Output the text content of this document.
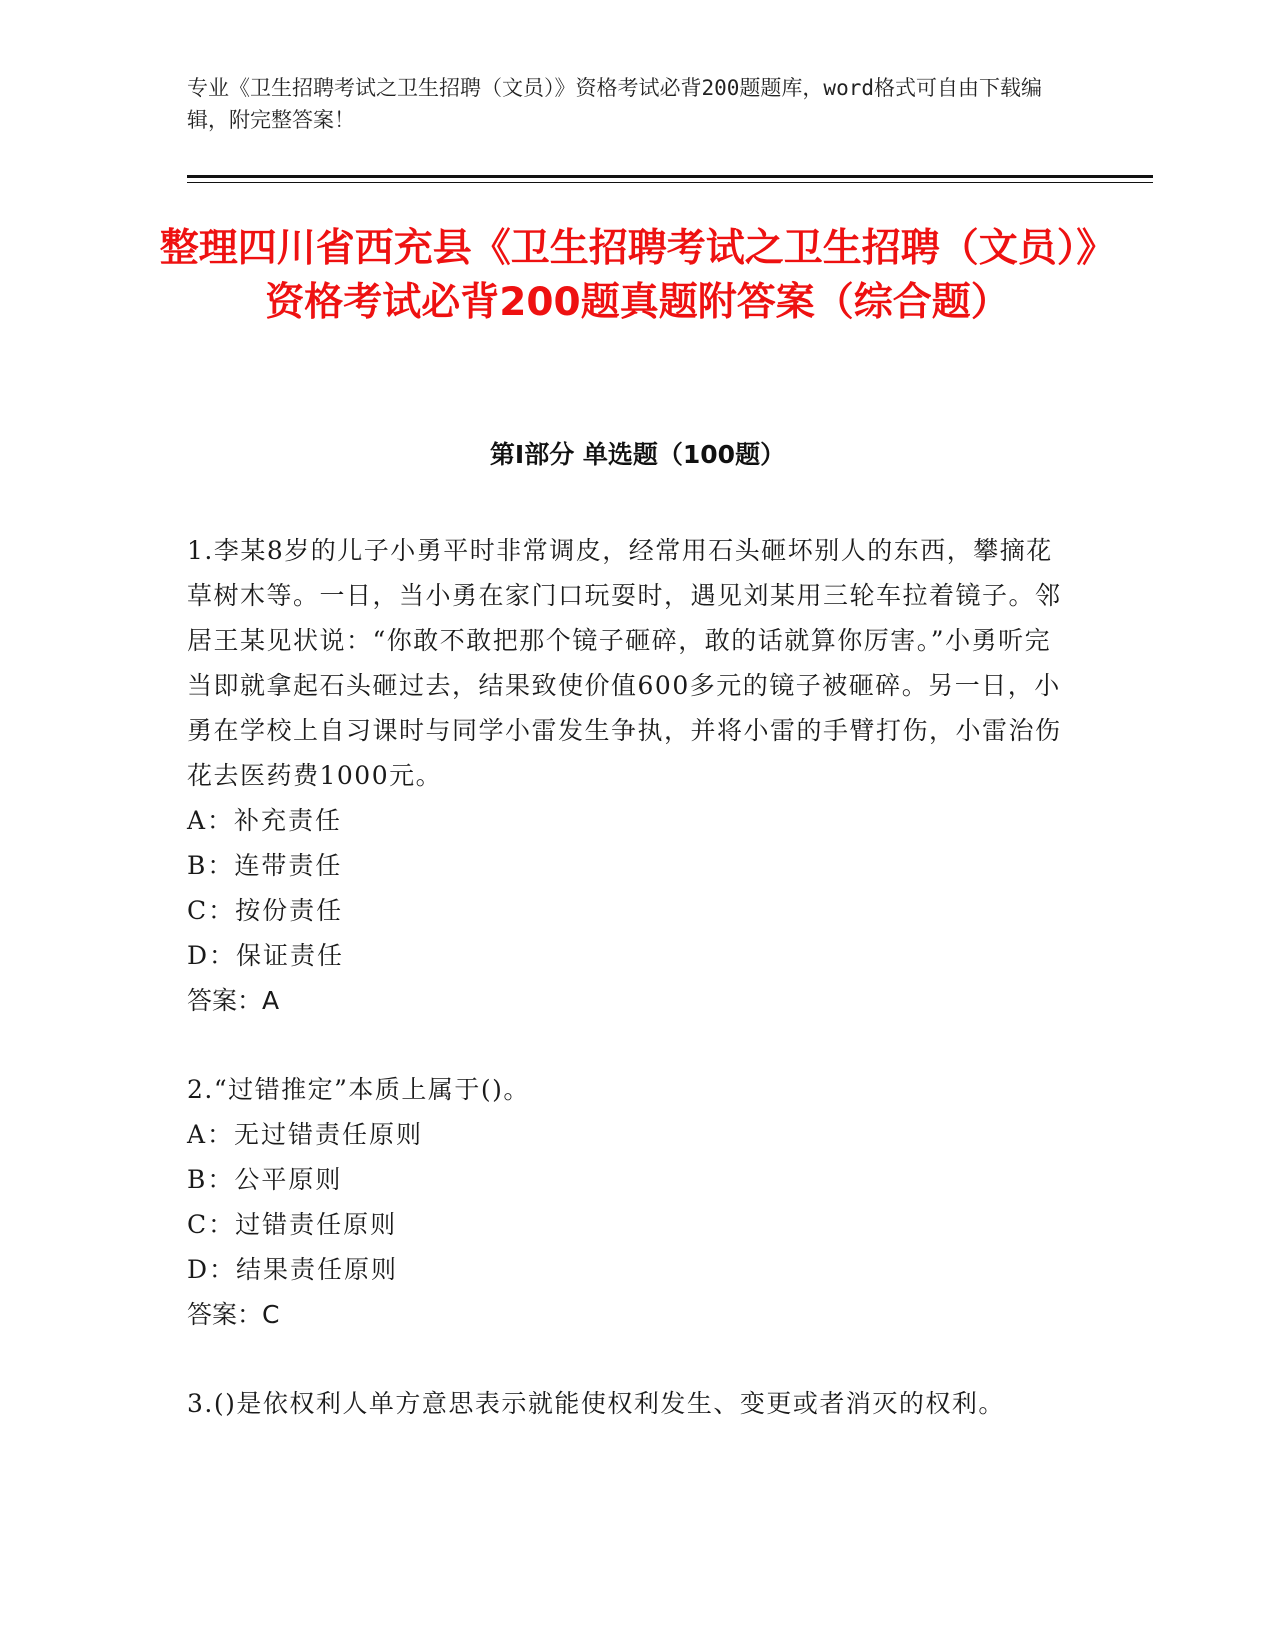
专业《卫生招聘考试之卫生招聘（文员）》资格考试必背200题题库，word格式可自由下载编辑，附完整答案！
整理四川省西充县《卫生招聘考试之卫生招聘（文员）》资格考试必背200题真题附答案（综合题）
第I部分 单选题（100题）

1.李某8岁的儿子小勇平时非常调皮，经常用石头砸坏别人的东西，攀摘花草树木等。一日，当小勇在家门口玩耍时，遇见刘某用三轮车拉着镜子。邻居王某见状说：“你敢不敢把那个镜子砸碎，敢的话就算你厉害。”小勇听完当即就拿起石头砸过去，结果致使价值600多元的镜子被砸碎。另一日，小勇在学校上自习课时与同学小雷发生争执，并将小雷的手臂打伤，小雷治伤花去医药费1000元。

A：补充责任

B：连带责任

C：按份责任

D：保证责任

答案：A

2.“过错推定”本质上属于()。

A：无过错责任原则

B：公平原则

C：过错责任原则

D：结果责任原则

答案：C

3.()是依权利人单方意思表示就能使权利发生、变更或者消灭的权利。
